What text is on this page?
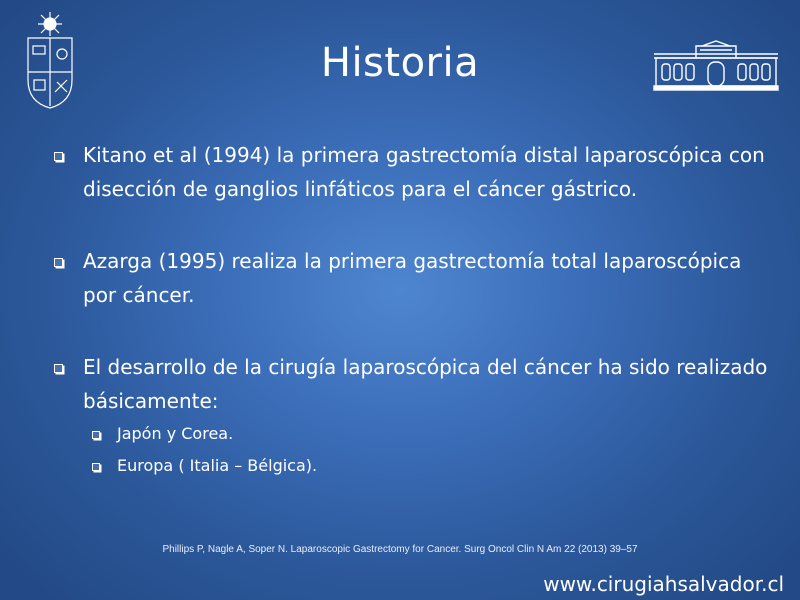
Historia
Kitano et al (1994) la primera gastrectomía distal laparoscópica con disección de ganglios linfáticos para el cáncer gástrico.
Azarga (1995) realiza la primera gastrectomía total laparoscópica por cáncer.
El desarrollo de la cirugía laparoscópica del cáncer ha sido realizado básicamente:
Japón y Corea.
Europa ( Italia – Bélgica).
Phillips P, Nagle A, Soper N. Laparoscopic Gastrectomy for Cancer. Surg Oncol Clin N Am 22 (2013) 39–57
www.cirugiahsalvador.cl
